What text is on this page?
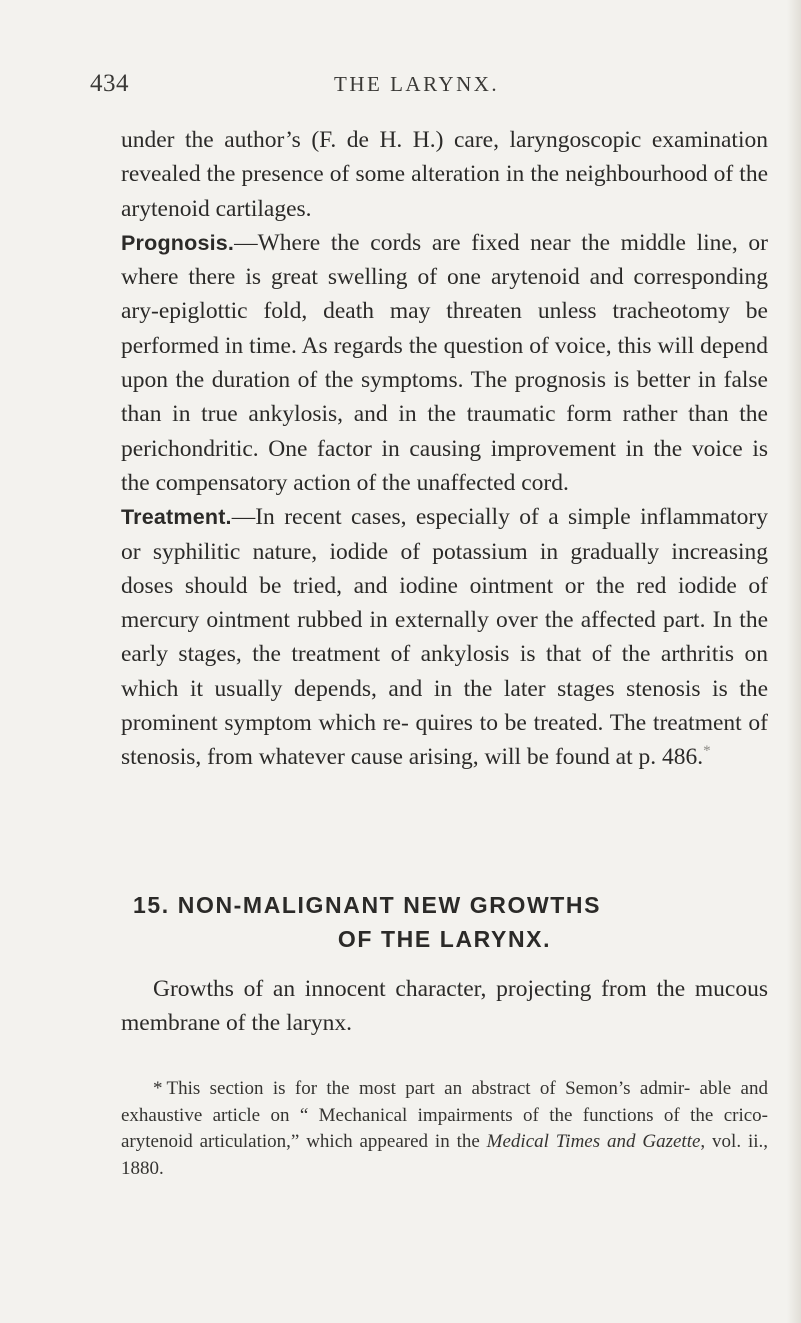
434	THE LARYNX.

under the author’s (F. de H. H.) care, laryngoscopic examination revealed the presence of some alteration in the neighbourhood of the arytenoid cartilages.

Prognosis.—Where the cords are fixed near the middle line, or where there is great swelling of one arytenoid and corresponding ary-epiglottic fold, death may threaten unless tracheotomy be performed in time. As regards the question of voice, this will depend upon the duration of the symptoms. The prognosis is better in false than in true ankylosis, and in the traumatic form rather than the perichondritic. One factor in causing improvement in the voice is the compensatory action of the unaffected cord.

Treatment.—In recent cases, especially of a simple inflammatory or syphilitic nature, iodide of potassium in gradually increasing doses should be tried, and iodine ointment or the red iodide of mercury ointment rubbed in externally over the affected part. In the early stages, the treatment of ankylosis is that of the arthritis on which it usually depends, and in the later stages stenosis is the prominent symptom which re- quires to be treated. The treatment of stenosis, from whatever cause arising, will be found at p. 486.*

15. NON-MALIGNANT NEW GROWTHS
OF THE LARYNX.

Growths of an innocent character, projecting from the mucous membrane of the larynx.

* This section is for the most part an abstract of Semon’s admir- able and exhaustive article on “ Mechanical impairments of the functions of the crico-arytenoid articulation,” which appeared in the Medical Times and Gazette, vol. ii., 1880.
